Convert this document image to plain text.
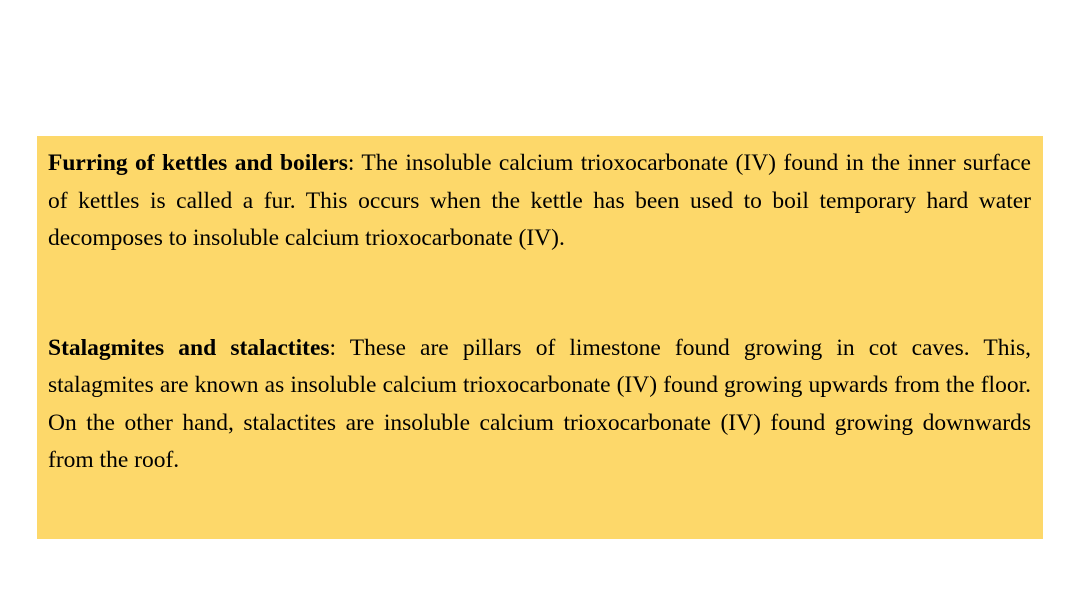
Furring of kettles and boilers: The insoluble calcium trioxocarbonate (IV) found in the inner surface of kettles is called a fur. This occurs when the kettle has been used to boil temporary hard water decomposes to insoluble calcium trioxocarbonate (IV).

Stalagmites and stalactites: These are pillars of limestone found growing in cot caves. This, stalagmites are known as insoluble calcium trioxocarbonate (IV) found growing upwards from the floor. On the other hand, stalactites are insoluble calcium trioxocarbonate (IV) found growing downwards from the roof.
